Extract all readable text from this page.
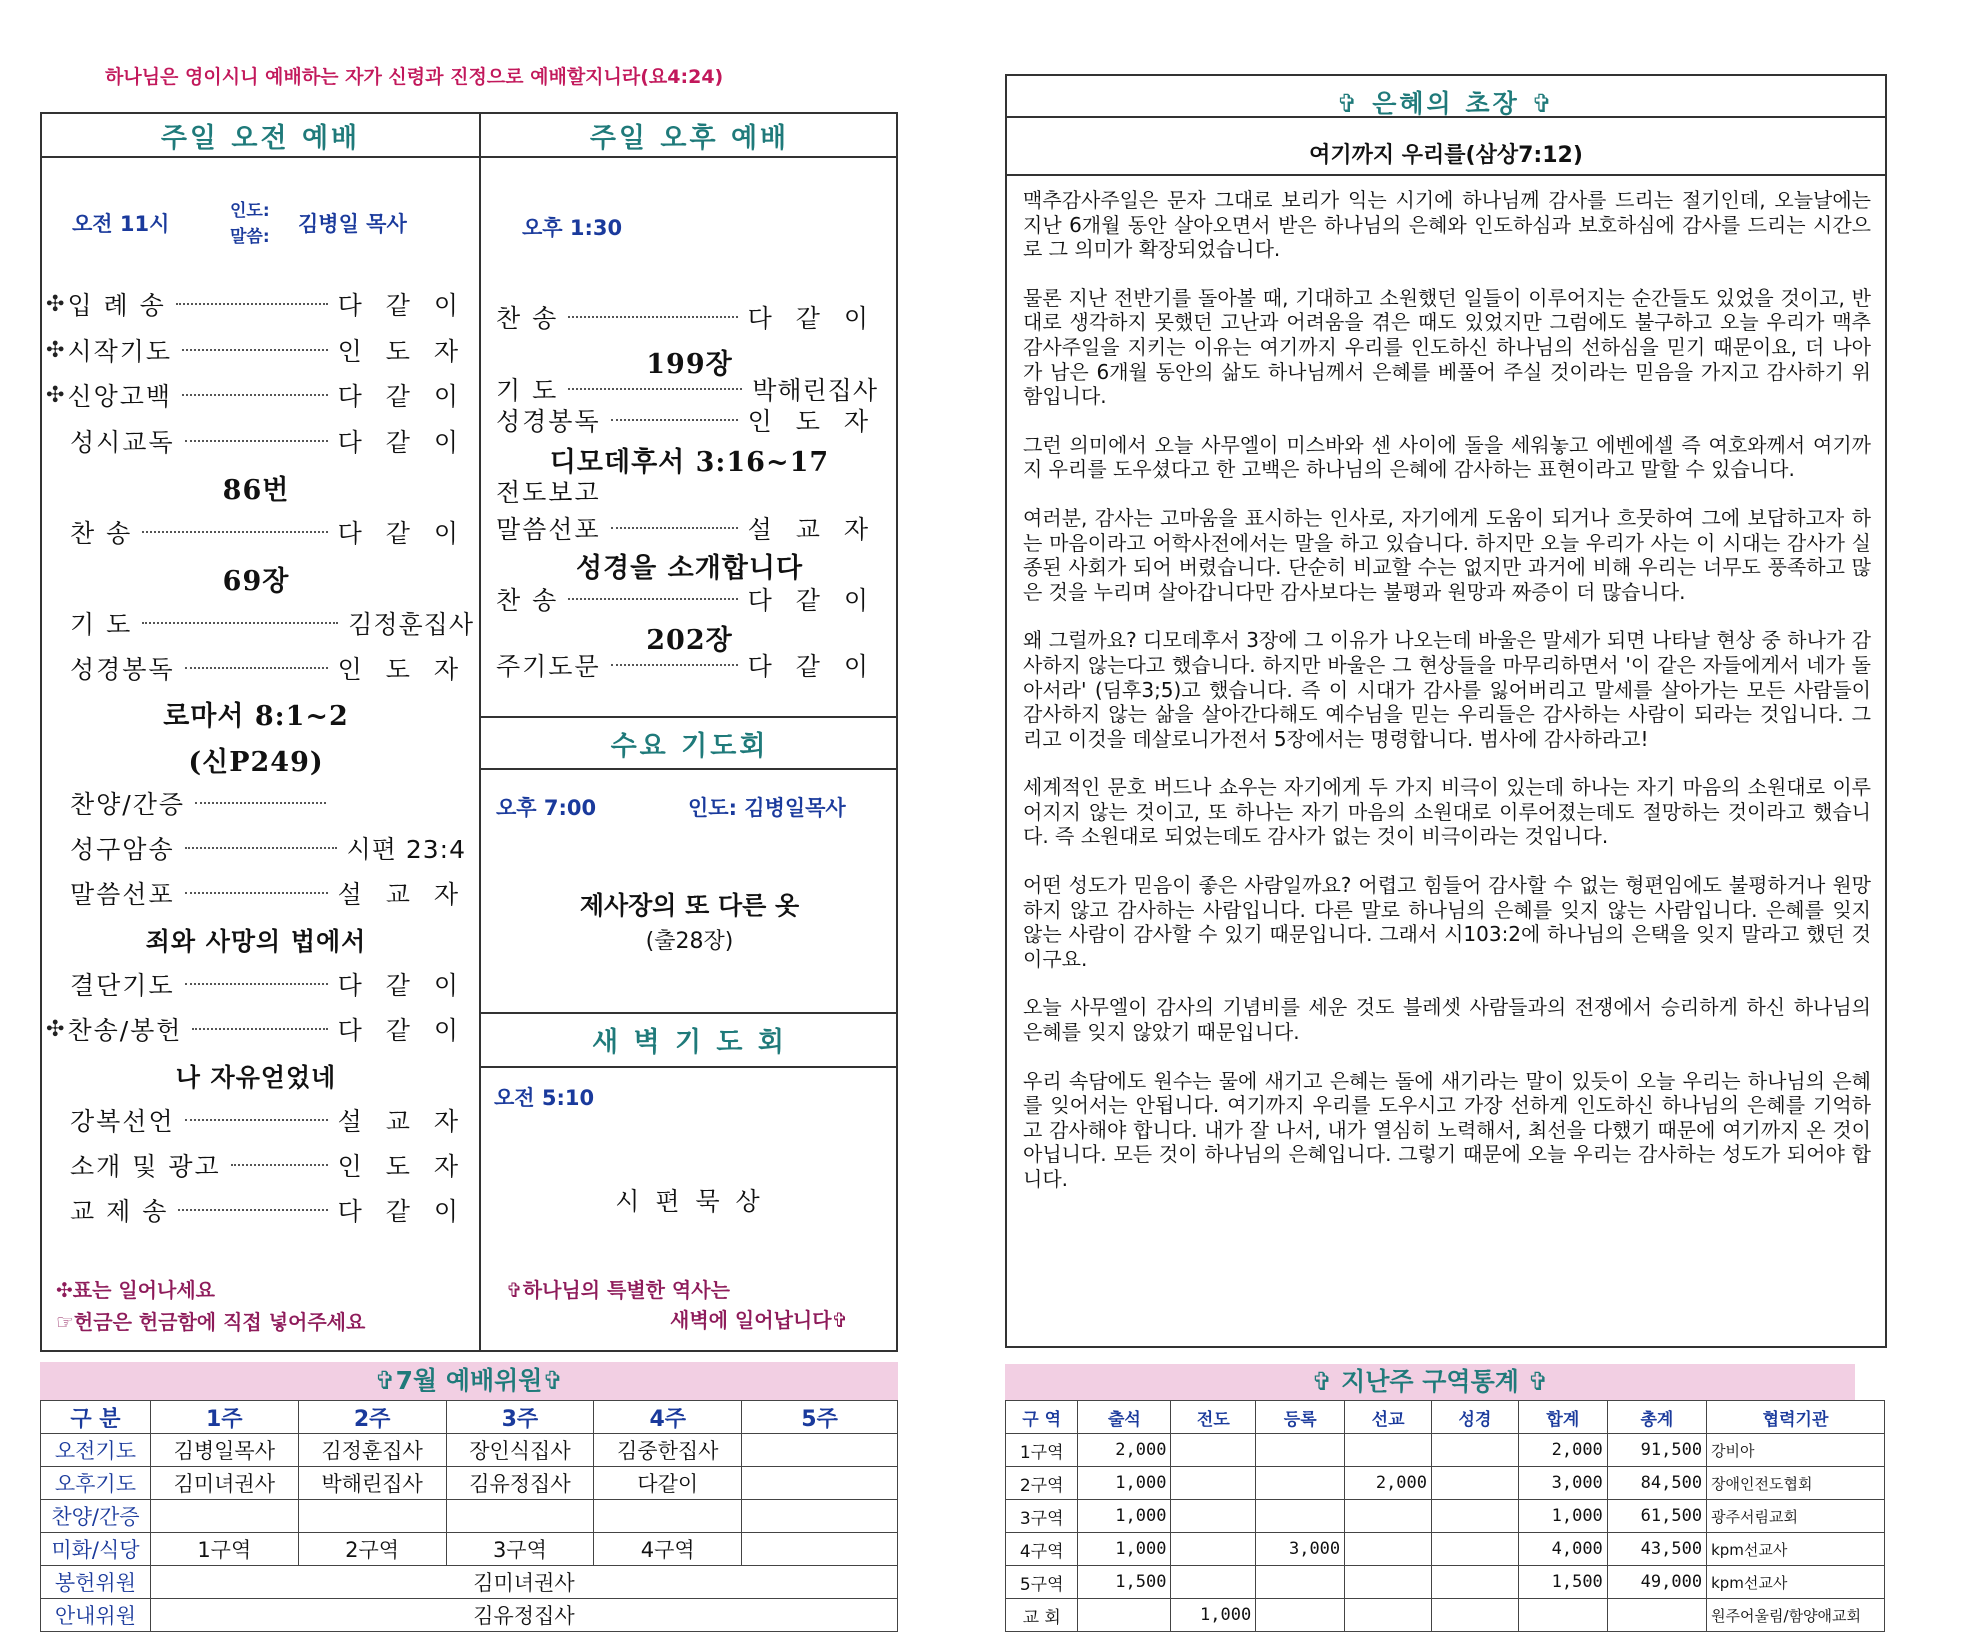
하나님은 영이시니 예배하는 자가 신령과 진정으로 예배할지니라(요4:24)
주일 오전 예배
오전 11시
인도:
말씀:
김병일 목사
✣ 입 례 송	다 같 이
✣ 시작기도	인 도 자
✣ 신앙고백	다 같 이
성시교독	다 같 이
86번
찬 송	다 같 이
69장
기 도	김정훈집사
성경봉독	인 도 자
로마서 8:1~2
(신P249)
찬양/간증
성구암송	시편 23:4
말씀선포	설 교 자
죄와 사망의 법에서
결단기도	다 같 이
✣ 찬송/봉헌	다 같 이
나 자유얻었네
강복선언	설 교 자
소개 및 광고	인 도 자
교 제 송	다 같 이
✣표는 일어나세요
☞헌금은 헌금함에 직접 넣어주세요
주일 오후 예배
오후 1:30
찬 송	다 같 이
199장
기 도	박해린집사
성경봉독	인 도 자
디모데후서 3:16~17
전도보고
말씀선포	설 교 자
성경을 소개합니다
찬 송	다 같 이
202장
주기도문	다 같 이
수요 기도회
오후 7:00	인도: 김병일목사
제사장의 또 다른 옷
(출28장)
새 벽 기 도 회
오전 5:10
시 편 묵 상
✞하나님의 특별한 역사는
새벽에 일어납니다✞
✞7월 예배위원✞
구 분	1주	2주	3주	4주	5주
오전기도	김병일목사	김정훈집사	장인식집사	김중한집사	
오후기도	김미녀권사	박해린집사	김유정집사	다같이	
찬양/간증					
미화/식당	1구역	2구역	3구역	4구역	
봉헌위원	김미녀권사				
안내위원	김유정집사				
✞ 은혜의 초장 ✞
여기까지 우리를(삼상7:12)

맥추감사주일은 문자 그대로 보리가 익는 시기에 하나님께 감사를 드리는 절기인데, 오늘날에는 지난 6개월 동안 살아오면서 받은 하나님의 은혜와 인도하심과 보호하심에 감사를 드리는 시간으로 그 의미가 확장되었습니다.

물론 지난 전반기를 돌아볼 때, 기대하고 소원했던 일들이 이루어지는 순간들도 있었을 것이고, 반대로 생각하지 못했던 고난과 어려움을 겪은 때도 있었지만 그럼에도 불구하고 오늘 우리가 맥추감사주일을 지키는 이유는 여기까지 우리를 인도하신 하나님의 선하심을 믿기 때문이요, 더 나아가 남은 6개월 동안의 삶도 하나님께서 은혜를 베풀어 주실 것이라는 믿음을 가지고 감사하기 위함입니다.

그런 의미에서 오늘 사무엘이 미스바와 센 사이에 돌을 세워놓고 에벤에셀 즉 여호와께서 여기까지 우리를 도우셨다고 한 고백은 하나님의 은혜에 감사하는 표현이라고 말할 수 있습니다.

여러분, 감사는 고마움을 표시하는 인사로, 자기에게 도움이 되거나 흐뭇하여 그에 보답하고자 하는 마음이라고 어학사전에서는 말을 하고 있습니다. 하지만 오늘 우리가 사는 이 시대는 감사가 실종된 사회가 되어 버렸습니다. 단순히 비교할 수는 없지만 과거에 비해 우리는 너무도 풍족하고 많은 것을 누리며 살아갑니다만 감사보다는 불평과 원망과 짜증이 더 많습니다.

왜 그럴까요? 디모데후서 3장에 그 이유가 나오는데 바울은 말세가 되면 나타날 현상 중 하나가 감사하지 않는다고 했습니다. 하지만 바울은 그 현상들을 마무리하면서 '이 같은 자들에게서 네가 돌아서라' (딤후3;5)고 했습니다. 즉 이 시대가 감사를 잃어버리고 말세를 살아가는 모든 사람들이 감사하지 않는 삶을 살아간다해도 예수님을 믿는 우리들은 감사하는 사람이 되라는 것입니다. 그리고 이것을 데살로니가전서 5장에서는 명령합니다. 범사에 감사하라고!

세계적인 문호 버드나 쇼우는 자기에게 두 가지 비극이 있는데 하나는 자기 마음의 소원대로 이루어지지 않는 것이고, 또 하나는 자기 마음의 소원대로 이루어졌는데도 절망하는 것이라고 했습니다. 즉 소원대로 되었는데도 감사가 없는 것이 비극이라는 것입니다.

어떤 성도가 믿음이 좋은 사람일까요? 어렵고 힘들어 감사할 수 없는 형편임에도 불평하거나 원망하지 않고 감사하는 사람입니다. 다른 말로 하나님의 은혜를 잊지 않는 사람입니다. 은혜를 잊지 않는 사람이 감사할 수 있기 때문입니다. 그래서 시103:2에 하나님의 은택을 잊지 말라고 했던 것이구요.

오늘 사무엘이 감사의 기념비를 세운 것도 블레셋 사람들과의 전쟁에서 승리하게 하신 하나님의 은혜를 잊지 않았기 때문입니다.

우리 속담에도 원수는 물에 새기고 은혜는 돌에 새기라는 말이 있듯이 오늘 우리는 하나님의 은혜를 잊어서는 안됩니다. 여기까지 우리를 도우시고 가장 선하게 인도하신 하나님의 은혜를 기억하고 감사해야 합니다. 내가 잘 나서, 내가 열심히 노력해서, 최선을 다했기 때문에 여기까지 온 것이 아닙니다. 모든 것이 하나님의 은혜입니다. 그렇기 때문에 오늘 우리는 감사하는 성도가 되어야 합니다.

✞ 지난주 구역통계 ✞
구 역	출석	전도	등록	선교	성경	합계	총계	협력기관
1구역	2,000					2,000	91,500	강비아
2구역	1,000			2,000		3,000	84,500	장애인전도협회
3구역	1,000					1,000	61,500	광주서림교회
4구역	1,000		3,000			4,000	43,500	kpm선교사
5구역	1,500					1,500	49,000	kpm선교사
교 회		1,000						원주어울림/함양애교회
